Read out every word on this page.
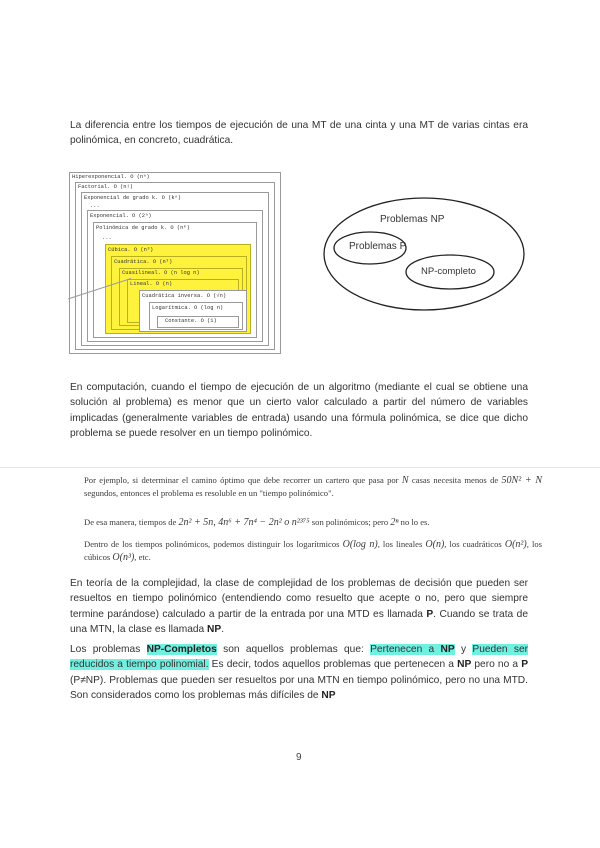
La diferencia entre los tiempos de ejecución de una MT de una cinta y una MT de varias cintas era polinómica, en concreto, cuadrática.
Hiperexponencial. O (nⁿ)
Factorial. O (n!)
Exponencial de grado k. O (kⁿ)
...
Exponencial. O (2ⁿ)
Polinómica de grado k. O (nᵏ)
...
Cúbica. O (n³)
Cuadrática. O (n²)
Cuasilineal. O (n log n)
Lineal. O (n)
Cuadrática inversa. O (√n)
Logarítmica. O (log n)
Constante. O (1)
Problemas NP
Problemas P
NP-completo
En computación, cuando el tiempo de ejecución de un algoritmo (mediante el cual se obtiene una solución al problema) es menor que un cierto valor calculado a partir del número de variables implicadas (generalmente variables de entrada) usando una fórmula polinómica, se dice que dicho problema se puede resolver en un tiempo polinómico.
Por ejemplo, si determinar el camino óptimo que debe recorrer un cartero que pasa por N casas necesita menos de 50N² + N segundos, entonces el problema es resoluble en un "tiempo polinómico".
De esa manera, tiempos de 2n² + 5n, 4n⁶ + 7n⁴ − 2n² o n²³⁷⁵ son polinómicos; pero 2ⁿ no lo es.
Dentro de los tiempos polinómicos, podemos distinguir los logarítmicos O(log n), los lineales O(n), los cuadráticos O(n²), los cúbicos O(n³), etc.
En teoría de la complejidad, la clase de complejidad de los problemas de decisión que pueden ser resueltos en tiempo polinómico (entendiendo como resuelto que acepte o no, pero que siempre termine parándose) calculado a partir de la entrada por una MTD es llamada P. Cuando se trata de una MTN, la clase es llamada NP.
Los problemas NP-Completos son aquellos problemas que: Pertenecen a NP y Pueden ser reducidos a tiempo polinomial. Es decir, todos aquellos problemas que pertenecen a NP pero no a P (P≠NP). Problemas que pueden ser resueltos por una MTN en tiempo polinómico, pero no una MTD. Son considerados como los problemas más difíciles de NP
9
